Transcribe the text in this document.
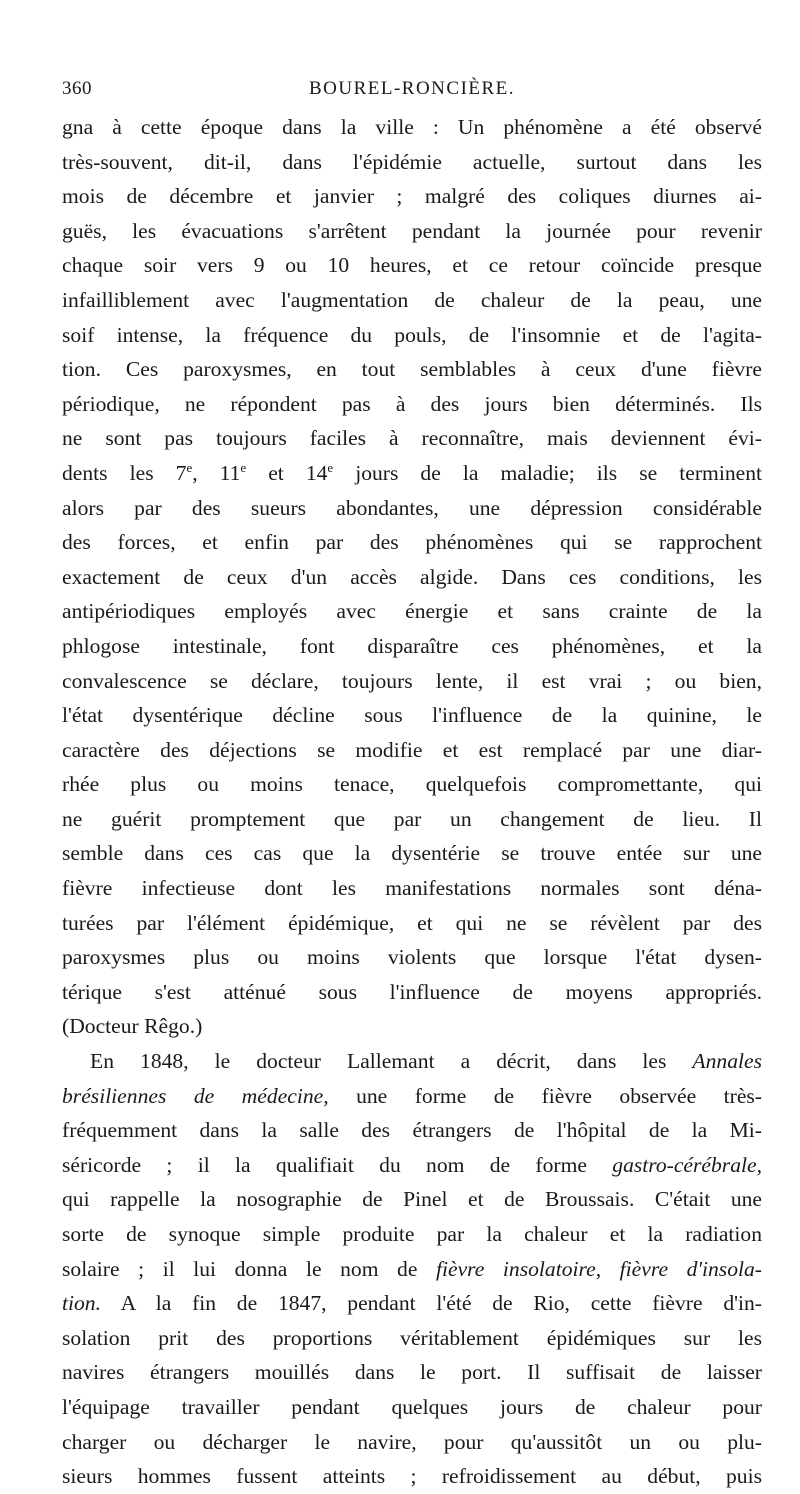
360	BOUREL-RONCIÈRE.
gna à cette époque dans la ville : Un phénomène a été observé
très-souvent, dit-il, dans l'épidémie actuelle, surtout dans les
mois de décembre et janvier ; malgré des coliques diurnes ai-
guës, les évacuations s'arrêtent pendant la journée pour revenir
chaque soir vers 9 ou 10 heures, et ce retour coïncide presque
infailliblement avec l'augmentation de chaleur de la peau, une
soif intense, la fréquence du pouls, de l'insomnie et de l'agita-
tion. Ces paroxysmes, en tout semblables à ceux d'une fièvre
périodique, ne répondent pas à des jours bien déterminés. Ils
ne sont pas toujours faciles à reconnaître, mais deviennent évi-
dents les 7e, 11e et 14e jours de la maladie; ils se terminent
alors par des sueurs abondantes, une dépression considérable
des forces, et enfin par des phénomènes qui se rapprochent
exactement de ceux d'un accès algide. Dans ces conditions, les
antipériodiques employés avec énergie et sans crainte de la
phlogose intestinale, font disparaître ces phénomènes, et la
convalescence se déclare, toujours lente, il est vrai ; ou bien,
l'état dysentérique décline sous l'influence de la quinine, le
caractère des déjections se modifie et est remplacé par une diar-
rhée plus ou moins tenace, quelquefois compromettante, qui
ne guérit promptement que par un changement de lieu. Il
semble dans ces cas que la dysentérie se trouve entée sur une
fièvre infectieuse dont les manifestations normales sont déna-
turées par l'élément épidémique, et qui ne se révèlent par des
paroxysmes plus ou moins violents que lorsque l'état dysen-
térique s'est atténué sous l'influence de moyens appropriés.
(Docteur Rêgo.)
En 1848, le docteur Lallemant a décrit, dans les Annales
brésiliennes de médecine, une forme de fièvre observée très-
fréquemment dans la salle des étrangers de l'hôpital de la Mi-
séricorde ; il la qualifiait du nom de forme gastro-cérébrale,
qui rappelle la nosographie de Pinel et de Broussais. C'était une
sorte de synoque simple produite par la chaleur et la radiation
solaire ; il lui donna le nom de fièvre insolatoire, fièvre d'insola-
tion. A la fin de 1847, pendant l'été de Rio, cette fièvre d'in-
solation prit des proportions véritablement épidémiques sur les
navires étrangers mouillés dans le port. Il suffisait de laisser
l'équipage travailler pendant quelques jours de chaleur pour
charger ou décharger le navire, pour qu'aussitôt un ou plu-
sieurs hommes fussent atteints ; refroidissement au début, puis
